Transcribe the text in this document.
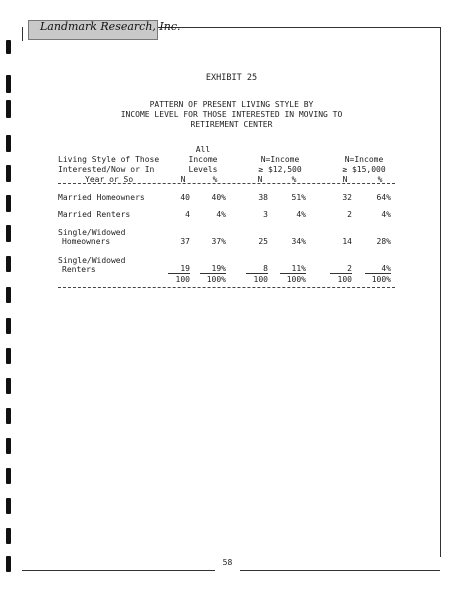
Landmark Research, Inc.
EXHIBIT 25
PATTERN OF PRESENT LIVING STYLE BY
INCOME LEVEL FOR THOSE INTERESTED IN MOVING TO
RETIREMENT CENTER
Living Style of Those
Interested/Now or In
Year or So
All
Income
Levels
N	%
N=Income
≥ $12,500
N	%
N=Income
≥ $15,000
N	%
Married Homeowners	40	40%	38	51%	32	64%
Married Renters	4	4%	3	4%	2	4%
Single/Widowed
Homeowners	37	37%	25	34%	14	28%
Single/Widowed
Renters	19	19%	8	11%	2	4%
100	100%	100	100%	100	100%
58
